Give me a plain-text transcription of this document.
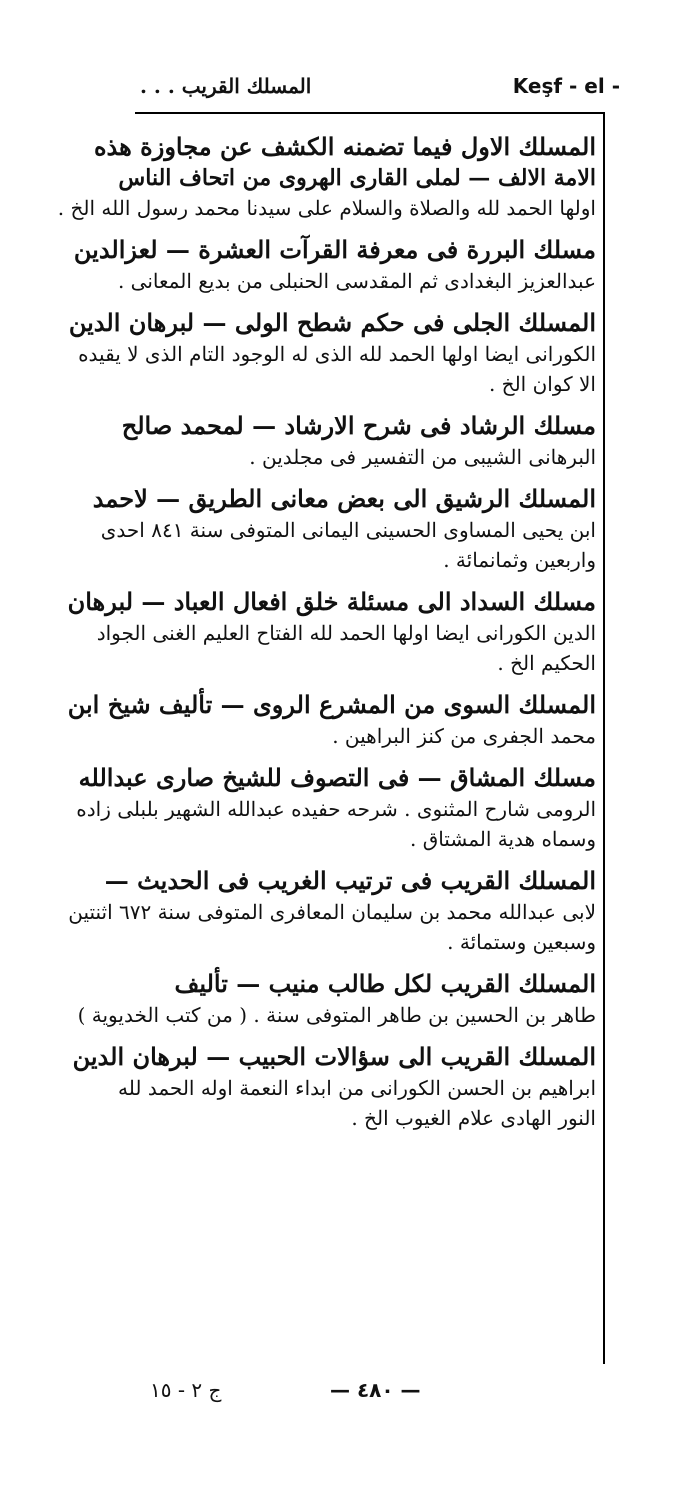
المسلك القريب . . .	Keşf - el -
المسلك الاول فيما تضمنه الكشف عن مجاوزة هذه
الامة الالف — لملى القارى الهروى من اتحاف الناس
اولها الحمد لله والصلاة والسلام على سيدنا محمد رسول الله الخ .
مسلك البررة فى معرفة القرآت العشرة — لعزالدين
عبدالعزيز البغدادى ثم المقدسى الحنبلى من بديع المعانى .
المسلك الجلى فى حكم شطح الولى — لبرهان الدين
الكورانى ايضا اولها الحمد لله الذى له الوجود التام الذى لا يقيده
الا كوان الخ .
مسلك الرشاد فى شرح الارشاد — لمحمد صالح
البرهانى الشيبى من التفسير فى مجلدين .
المسلك الرشيق الى بعض معانى الطريق — لاحمد
ابن يحيى المساوى الحسينى اليمانى المتوفى سنة ٨٤١ احدى
واربعين وثمانمائة .
مسلك السداد الى مسئلة خلق افعال العباد — لبرهان
الدين الكورانى ايضا اولها الحمد لله الفتاح العليم الغنى الجواد
الحكيم الخ .
المسلك السوى من المشرع الروى — تأليف شيخ ابن
محمد الجفرى من كنز البراهين .
مسلك المشاق — فى التصوف للشيخ صارى عبدالله
الرومى شارح المثنوى . شرحه حفيده عبدالله الشهير بلبلى زاده
وسماه هدية المشتاق .
المسلك القريب فى ترتيب الغريب فى الحديث —
لابى عبدالله محمد بن سليمان المعافرى المتوفى سنة ٦٧٢ اثنتين
وسبعين وستمائة .
المسلك القريب لكل طالب منيب — تأليف
طاهر بن الحسين بن طاهر المتوفى سنة . ( من كتب الخديوية )
المسلك القريب الى سؤالات الحبيب — لبرهان الدين
ابراهيم بن الحسن الكورانى من ابداء النعمة اوله الحمد لله
النور الهادى علام الغيوب الخ .
ج ٢ - ١٥	— ٤٨٠ —
